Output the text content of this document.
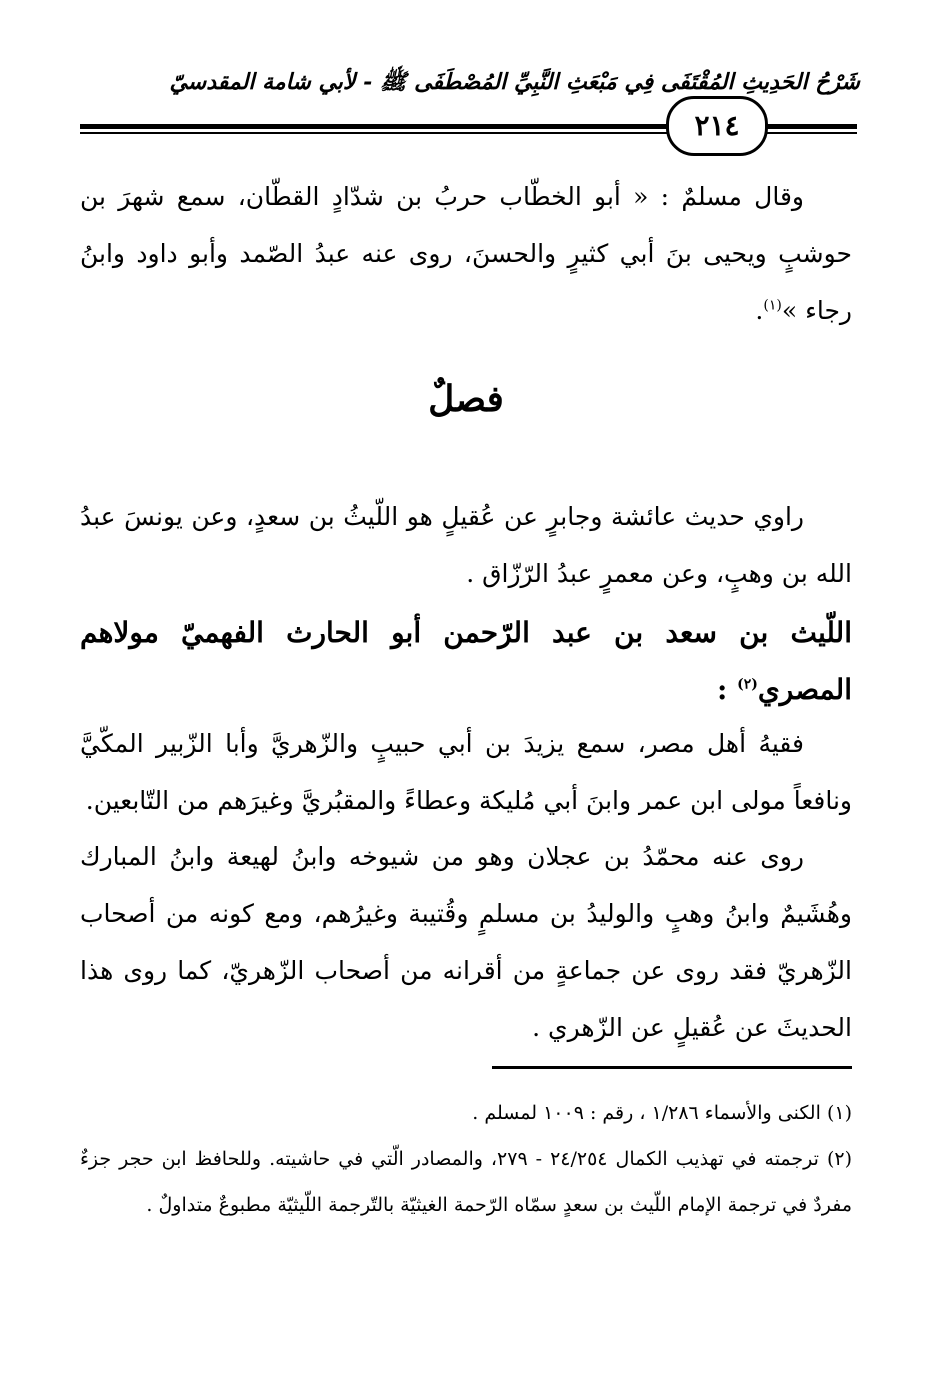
شَرْحُ الحَدِيثِ المُقْتَفَى فِي مَبْعَثِ النَّبِيِّ المُصْطَفَى ﷺ - لأبي شامة المقدسيّ
٢١٤
وقال مسلمٌ : « أبو الخطّاب حربُ بن شدّادٍ القطّان، سمع شهرَ بن حوشبٍ ويحيى بنَ أبي كثيرٍ والحسنَ، روى عنه عبدُ الصّمد وأبو داود وابنُ رجاء »$^{(١)}$.
فصلٌ
راوي حديث عائشة وجابرٍ عن عُقيلٍ هو اللّيثُ بن سعدٍ، وعن يونسَ عبدُ الله بن وهبٍ، وعن معمرٍ عبدُ الرّزّاق .
اللّيث بن سعد بن عبد الرّحمن أبو الحارث الفهميّ مولاهم المصري$^{(٢)}$ :
فقيهُ أهل مصر، سمع يزيدَ بن أبي حبيبٍ والزّهريَّ وأبا الزّبير المكّيَّ ونافعاً مولى ابن عمر وابنَ أبي مُليكة وعطاءً والمقبُريَّ وغيرَهم من التّابعين.
روى عنه محمّدُ بن عجلان وهو من شيوخه وابنُ لهيعة وابنُ المبارك وهُشَيمٌ وابنُ وهبٍ والوليدُ بن مسلمٍ وقُتيبة وغيرُهم، ومع كونه من أصحاب الزّهريّ فقد روى عن جماعةٍ من أقرانه من أصحاب الزّهريّ، كما روى هذا الحديثَ عن عُقيلٍ عن الزّهري .

(١) الكنى والأسماء ١/٢٨٦ ، رقم : ١٠٠٩ لمسلم .

(٢) ترجمته في تهذيب الكمال ٢٤/٢٥٤ - ٢٧٩، والمصادر الّتي في حاشيته. وللحافظ ابن حجر جزءٌ مفردٌ في ترجمة الإمام اللّيث بن سعدٍ سمّاه الرّحمة الغيثيّة بالتّرجمة اللّيثيّة مطبوعٌ متداولٌ .
